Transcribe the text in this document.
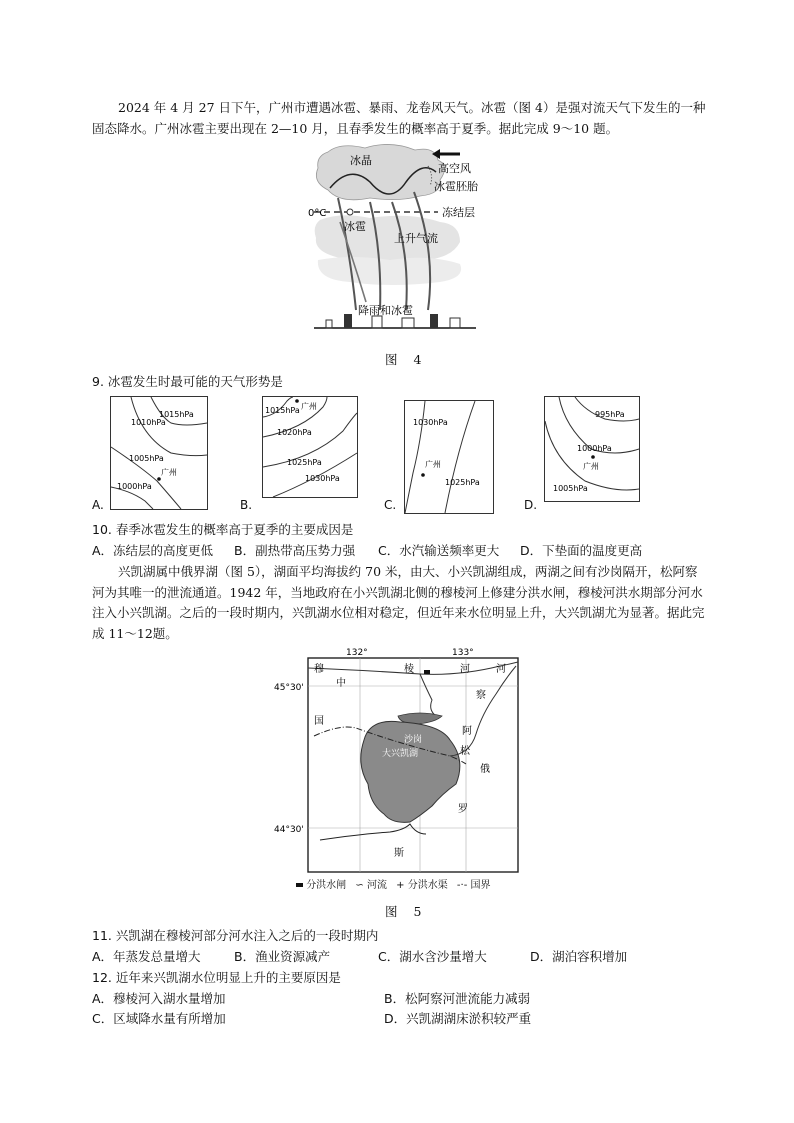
2024 年 4 月 27 日下午，广州市遭遇冰雹、暴雨、龙卷风天气。冰雹（图 4）是强对流天气下发生的一种固态降水。广州冰雹主要出现在 2—10 月，且春季发生的概率高于夏季。据此完成 9～10 题。
冰晶
高空风
冰雹胚胎
0°C
冰雹
冻结层
上升气流
降雨和冰雹
图 4
9. 冰雹发生时最可能的天气形势是
1015hPa
1010hPa
1005hPa
1000hPa
广州
A.
1015hPa
1020hPa
1025hPa
1030hPa
广州
B.
1030hPa
1025hPa
广州
C.
995hPa
1000hPa
1005hPa
广州
D.
10. 春季冰雹发生的概率高于夏季的主要成因是
A．冻结层的高度更低 B．副热带高压势力强 C．水汽输送频率更大 D．下垫面的温度更高
兴凯湖属中俄界湖（图 5），湖面平均海拔约 70 米，由大、小兴凯湖组成，两湖之间有沙岗隔开，松阿察河为其唯一的泄流通道。1942 年，当地政府在小兴凯湖北侧的穆棱河上修建分洪水闸，穆棱河洪水期部分河水注入小兴凯湖。之后的一段时期内，兴凯湖水位相对稳定，但近年来水位明显上升，大兴凯湖尤为显著。据此完成 11～12题。
132°	133°
45°30'
44°30'
穆
中
棱	河	河
国
阿
松
察
俄
罗
斯
沙岗
大兴凯湖
分洪水闸 ∽ 河流 + 分洪水渠 -·- 国界
图 5
11. 兴凯湖在穆棱河部分河水注入之后的一段时期内
A．年蒸发总量增大	B．渔业资源减产	C．湖水含沙量增大	D．湖泊容积增加
12. 近年来兴凯湖水位明显上升的主要原因是
A．穆棱河入湖水量增加	B．松阿察河泄流能力减弱
C．区域降水量有所增加	D．兴凯湖湖床淤积较严重
